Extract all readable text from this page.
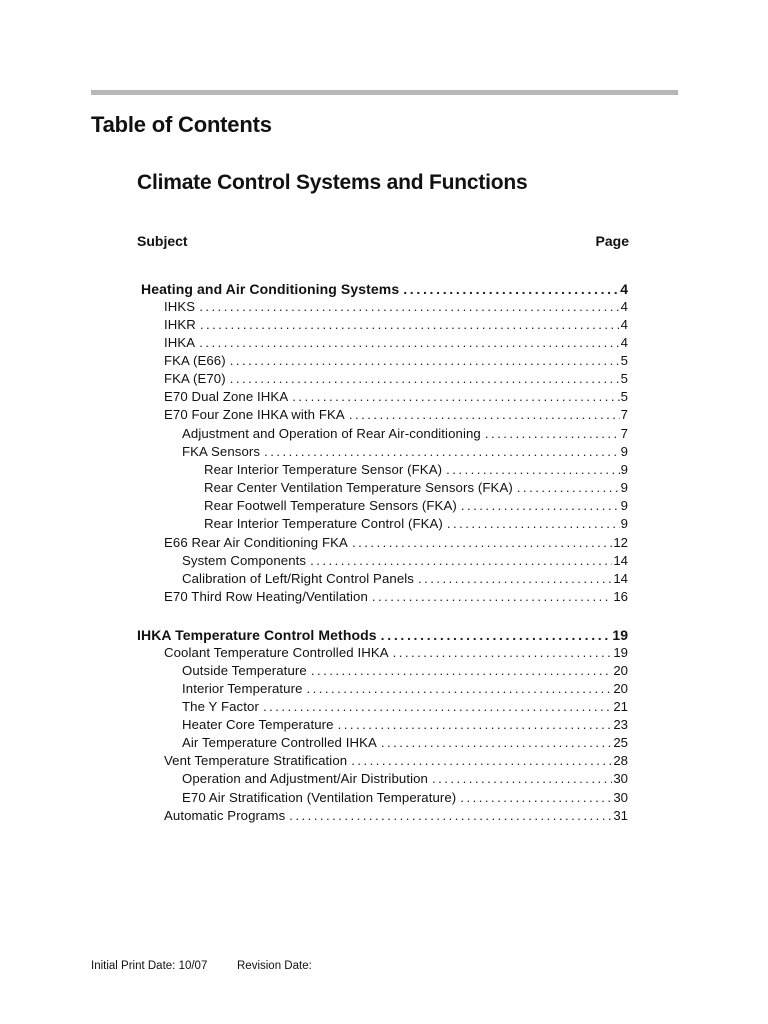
Table of Contents
Climate Control Systems and Functions
Subject	Page
Heating and Air Conditioning Systems . . .	4
IHKS . . .	4
IHKR . . .	4
IHKA . . .	4
FKA (E66) . . .	5
FKA (E70) . . .	5
E70 Dual Zone IHKA . . .	5
E70 Four Zone IHKA with FKA . . .	7
Adjustment and Operation of Rear Air-conditioning . . .	7
FKA Sensors . . .	9
Rear Interior Temperature Sensor (FKA) . . .	9
Rear Center Ventilation Temperature Sensors (FKA) . . .	9
Rear Footwell Temperature Sensors (FKA) . . .	9
Rear Interior Temperature Control (FKA) . . .	9
E66 Rear Air Conditioning FKA . . .	12
System Components . . .	14
Calibration of Left/Right Control Panels . . .	14
E70 Third Row Heating/Ventilation . . .	16
IHKA Temperature Control Methods . . .	19
Coolant Temperature Controlled IHKA . . .	19
Outside Temperature . . .	20
Interior Temperature . . .	20
The Y Factor . . .	21
Heater Core Temperature . . .	23
Air Temperature Controlled IHKA . . .	25
Vent Temperature Stratification . . .	28
Operation and Adjustment/Air Distribution . . .	30
E70 Air Stratification (Ventilation Temperature) . . .	30
Automatic Programs . . .	31
Initial Print Date: 10/07	Revision Date:
